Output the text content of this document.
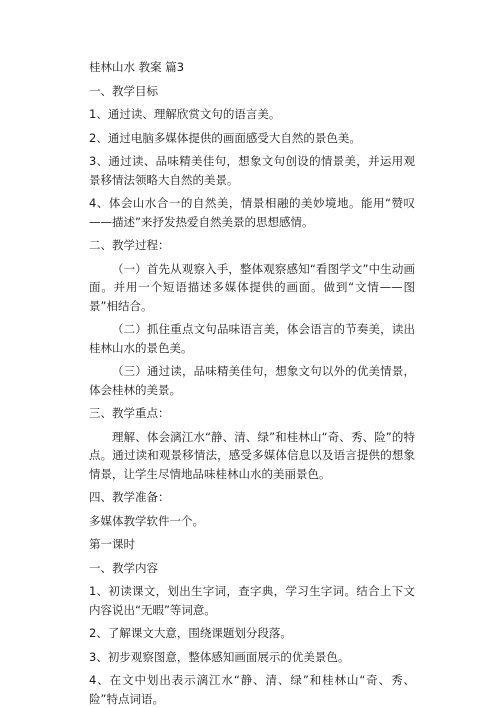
桂林山水 教案 篇3

一、教学目标

1、通过读、理解欣赏文句的语言美。

2、通过电脑多媒体提供的画面感受大自然的景色美。

3、通过读、品味精美佳句，想象文句创设的情景美，并运用观景移情法领略大自然的美景。

4、体会山水合一的自然美，情景相融的美妙境地。能用“赞叹——描述”来抒发热爱自然美景的思想感情。

二、教学过程：

（一）首先从观察入手，整体观察感知“看图学文”中生动画面。并用一个短语描述多媒体提供的画面。做到“文情——图景”相结合。

（二）抓住重点文句品味语言美，体会语言的节奏美，读出桂林山水的景色美。

（三）通过读，品味精美佳句，想象文句以外的优美情景，体会桂林的美景。

三、教学重点：

理解、体会漓江水“静、清、绿”和桂林山“奇、秀、险”的特点。通过读和观景移情法，感受多媒体信息以及语言提供的想象情景，让学生尽情地品味桂林山水的美丽景色。

四、教学准备：

多媒体教学软件一个。

第一课时

一、教学内容

1、初读课文，划出生字词，查字典，学习生字词。结合上下文内容说出“无暇”等词意。

2、了解课文大意，围绕课题划分段落。

3、初步观察图意，整体感知画面展示的优美景色。

4、在文中划出表示漓江水“静、清、绿”和桂林山“奇、秀、险”特点词语。
